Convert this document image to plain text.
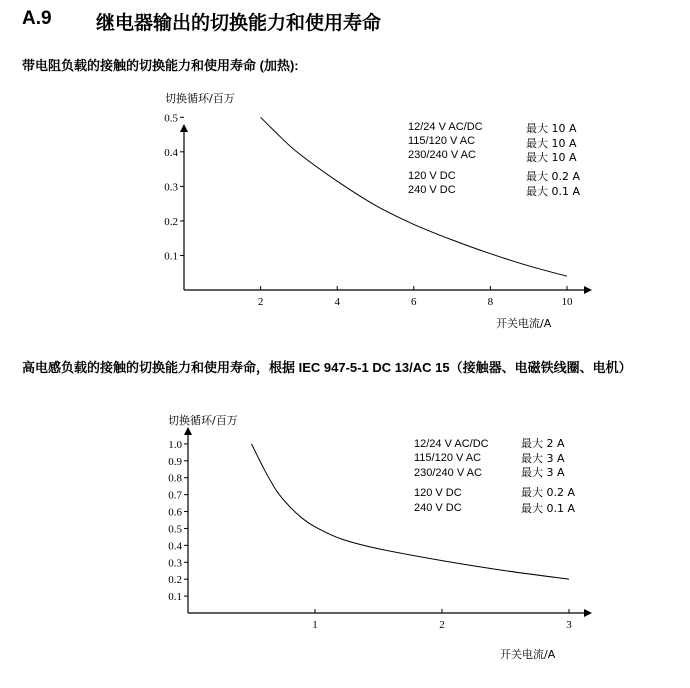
A.9 继电器输出的切换能力和使用寿命
带电阻负载的接触的切换能力和使用寿命 (加热):
切换循环/百万
0.1
0.2
0.3
0.4
0.5
2	4	6	8	10
开关电流/A
12/24 V AC/DC	最大 10 A
115/120 V AC	最大 10 A
230/240 V AC	最大 10 A
120 V DC	最大 0.2 A
240 V DC	最大 0.1 A
高电感负载的接触的切换能力和使用寿命，根据 IEC 947-5-1 DC 13/AC 15（接触器、电磁铁线圈、电机）
切换循环/百万
0.1
0.2
0.3
0.4
0.5
0.6
0.7
0.8
0.9
1.0
1	2	3
开关电流/A
12/24 V AC/DC	最大 2 A
115/120 V AC	最大 3 A
230/240 V AC	最大 3 A
120 V DC	最大 0.2 A
240 V DC	最大 0.1 A
